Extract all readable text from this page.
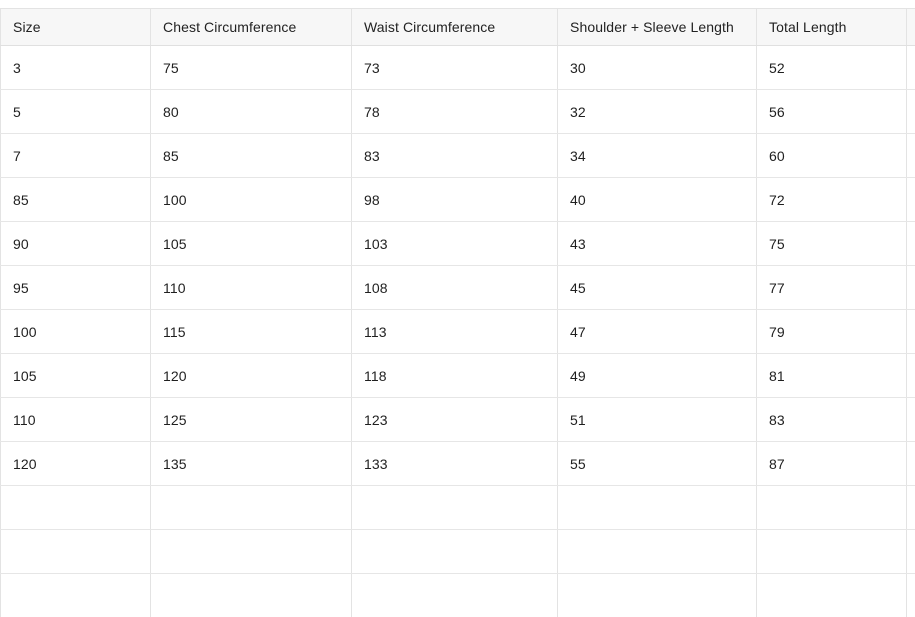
Size	Chest Circumference	Waist Circumference	Shoulder + Sleeve Length	Total Length
3	75	73	30	52
5	80	78	32	56
7	85	83	34	60
85	100	98	40	72
90	105	103	43	75
95	110	108	45	77
100	115	113	47	79
105	120	118	49	81
110	125	123	51	83
120	135	133	55	87
